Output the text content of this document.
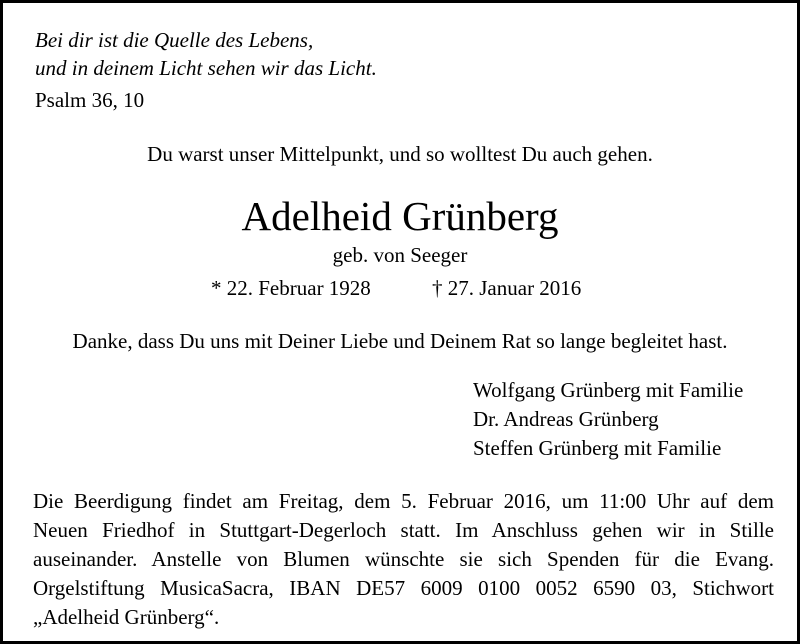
Bei dir ist die Quelle des Lebens,
und in deinem Licht sehen wir das Licht.
Psalm 36, 10
Du warst unser Mittelpunkt, und so wolltest Du auch gehen.
Adelheid Grünberg
geb. von Seeger
* 22. Februar 1928	† 27. Januar 2016
Danke, dass Du uns mit Deiner Liebe und Deinem Rat so lange begleitet hast.
Wolfgang Grünberg mit Familie
Dr. Andreas Grünberg
Steffen Grünberg mit Familie
Die Beerdigung findet am Freitag, dem 5. Februar 2016, um 11:00 Uhr auf dem
Neuen Friedhof in Stuttgart-Degerloch statt. Im Anschluss gehen wir in Stille
auseinander. Anstelle von Blumen wünschte sie sich Spenden für die Evang.
Orgelstiftung MusicaSacra, IBAN DE57 6009 0100 0052 6590 03, Stichwort
„Adelheid Grünberg“.
